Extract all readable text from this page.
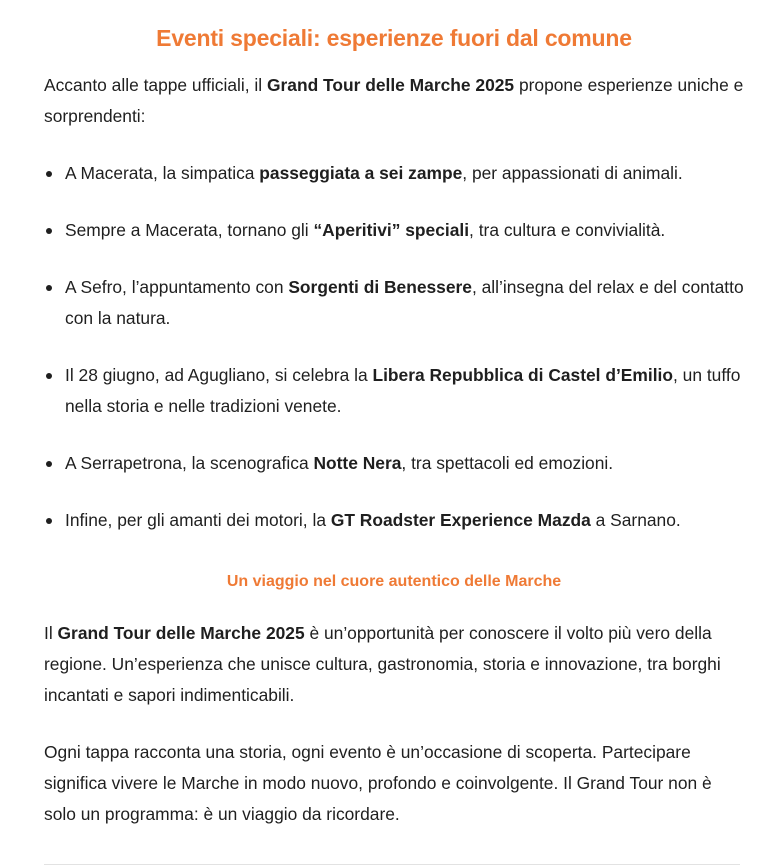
Eventi speciali: esperienze fuori dal comune

Accanto alle tappe ufficiali, il Grand Tour delle Marche 2025 propone esperienze uniche e sorprendenti:

A Macerata, la simpatica passeggiata a sei zampe, per appassionati di animali.
Sempre a Macerata, tornano gli “Aperitivi” speciali, tra cultura e convivialità.
A Sefro, l’appuntamento con Sorgenti di Benessere, all’insegna del relax e del contatto con la natura.
Il 28 giugno, ad Agugliano, si celebra la Libera Repubblica di Castel d’Emilio, un tuffo nella storia e nelle tradizioni venete.
A Serrapetrona, la scenografica Notte Nera, tra spettacoli ed emozioni.
Infine, per gli amanti dei motori, la GT Roadster Experience Mazda a Sarnano.
Un viaggio nel cuore autentico delle Marche

Il Grand Tour delle Marche 2025 è un’opportunità per conoscere il volto più vero della regione. Un’esperienza che unisce cultura, gastronomia, storia e innovazione, tra borghi incantati e sapori indimenticabili.

Ogni tappa racconta una storia, ogni evento è un’occasione di scoperta. Partecipare significa vivere le Marche in modo nuovo, profondo e coinvolgente. Il Grand Tour non è solo un programma: è un viaggio da ricordare.
